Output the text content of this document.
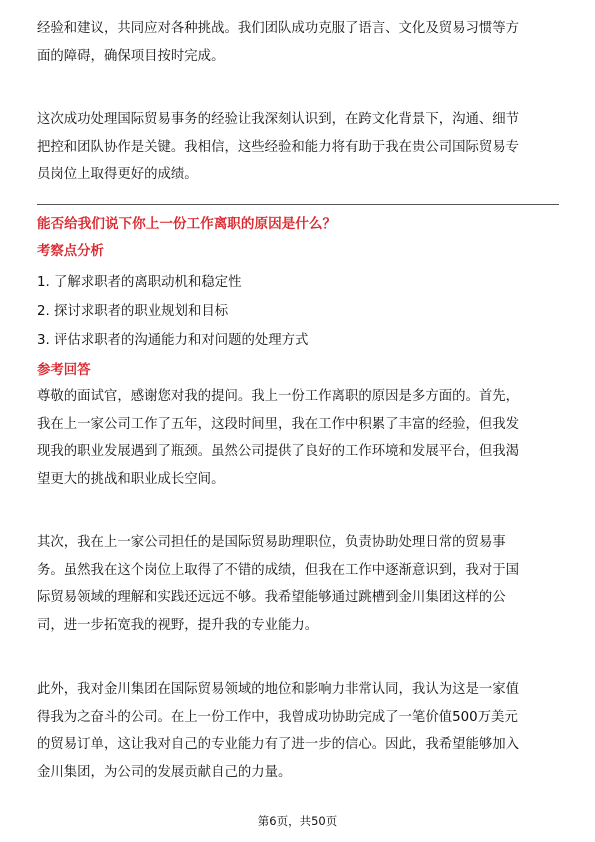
经验和建议，共同应对各种挑战。我们团队成功克服了语言、文化及贸易习惯等方

面的障碍，确保项目按时完成。

这次成功处理国际贸易事务的经验让我深刻认识到，在跨文化背景下，沟通、细节

把控和团队协作是关键。我相信，这些经验和能力将有助于我在贵公司国际贸易专

员岗位上取得更好的成绩。

能否给我们说下你上一份工作离职的原因是什么？
考察点分析
1. 了解求职者的离职动机和稳定性
2. 探讨求职者的职业规划和目标
3. 评估求职者的沟通能力和对问题的处理方式
参考回答

尊敬的面试官，感谢您对我的提问。我上一份工作离职的原因是多方面的。首先，

我在上一家公司工作了五年，这段时间里，我在工作中积累了丰富的经验，但我发

现我的职业发展遇到了瓶颈。虽然公司提供了良好的工作环境和发展平台，但我渴

望更大的挑战和职业成长空间。

其次，我在上一家公司担任的是国际贸易助理职位，负责协助处理日常的贸易事

务。虽然我在这个岗位上取得了不错的成绩，但我在工作中逐渐意识到，我对于国

际贸易领域的理解和实践还远远不够。我希望能够通过跳槽到金川集团这样的公

司，进一步拓宽我的视野，提升我的专业能力。

此外，我对金川集团在国际贸易领域的地位和影响力非常认同，我认为这是一家值

得我为之奋斗的公司。在上一份工作中，我曾成功协助完成了一笔价值500万美元

的贸易订单，这让我对自己的专业能力有了进一步的信心。因此，我希望能够加入

金川集团，为公司的发展贡献自己的力量。

第6页，共50页
